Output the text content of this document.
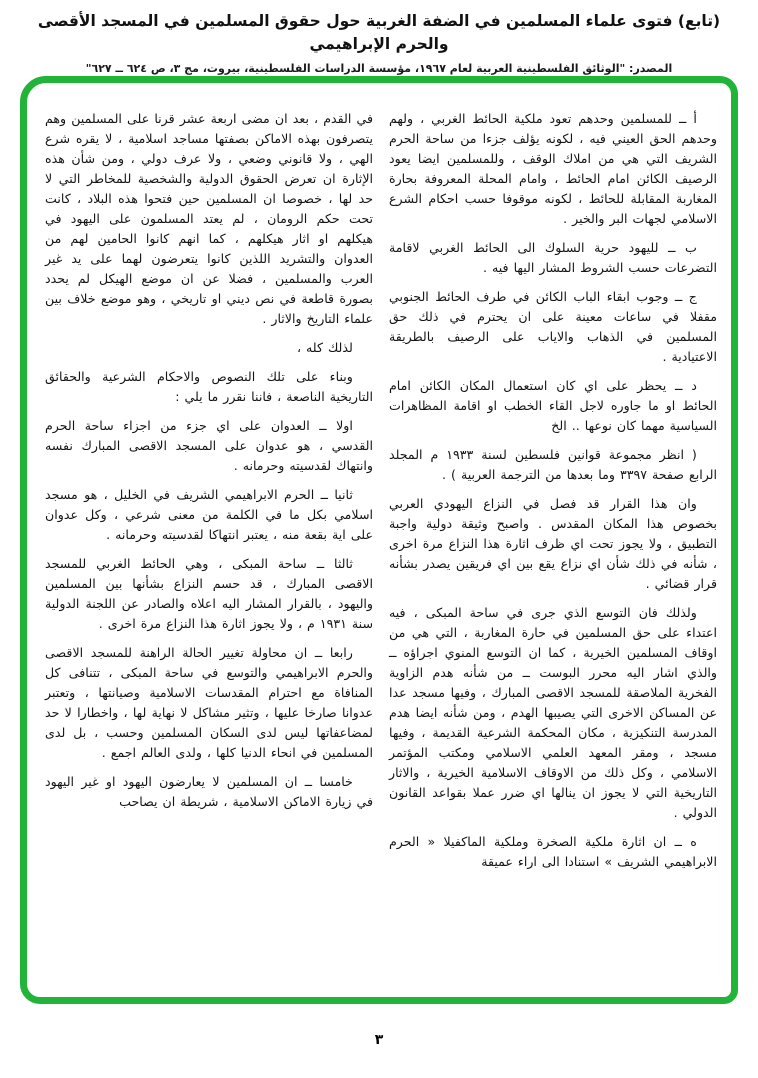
(تابع) فتوى علماء المسلمين في الضفة الغربية حول حقوق المسلمين في المسجد الأقصى والحرم الإبراهيمي
المصدر: "الوثائق الفلسطينية العربية لعام ١٩٦٧، مؤسسة الدراسات الفلسطينية، بيروت، مج ٣، ص ٦٢٤ ــ ٦٢٧"

أ ــ للمسلمين وحدهم تعود ملكية الحائط الغربي ، ولهم وحدهم الحق العيني فيه ، لكونه يؤلف جزءا من ساحة الحرم الشريف التي هي من املاك الوقف ، وللمسلمين ايضا يعود الرصيف الكائن امام الحائط ، وامام المحلة المعروفة بحارة المغاربة المقابلة للحائط ، لكونه موقوفا حسب احكام الشرع الاسلامي لجهات البر والخير .

ب ــ لليهود حرية السلوك الى الحائط الغربي لاقامة التضرعات حسب الشروط المشار اليها فيه .

ج ــ وجوب ابقاء الباب الكائن في طرف الحائط الجنوبي مقفلا في ساعات معينة على ان يحترم في ذلك حق المسلمين في الذهاب والاياب على الرصيف بالطريقة الاعتيادية .

د ــ يحظر على اي كان استعمال المكان الكائن امام الحائط او ما جاوره لاجل القاء الخطب او اقامة المظاهرات السياسية مهما كان نوعها .. الخ

( انظر مجموعة قوانين فلسطين لسنة ١٩٣٣ م المجلد الرابع صفحة ٣٣٩٧ وما بعدها من الترجمة العربية ) .

وان هذا القرار قد فصل في النزاع اليهودي العربي بخصوص هذا المكان المقدس . واصبح وثيقة دولية واجبة التطبيق ، ولا يجوز تحت اي ظرف اثارة هذا النزاع مرة اخرى ، شأنه في ذلك شأن اي نزاع يقع بين اي فريقين يصدر بشأنه قرار قضائي .

ولذلك فان التوسع الذي جرى في ساحة المبكى ، فيه اعتداء على حق المسلمين في حارة المغاربة ، التي هي من اوقاف المسلمين الخيرية ، كما ان التوسع المنوي اجراؤه ــ والذي اشار اليه محرر البوست ــ من شأنه هدم الزاوية الفخرية الملاصقة للمسجد الاقصى المبارك ، وفيها مسجد عدا عن المساكن الاخرى التي يصيبها الهدم ، ومن شأنه ايضا هدم المدرسة التنكيزية ، مكان المحكمة الشرعية القديمة ، وفيها مسجد ، ومقر المعهد العلمي الاسلامي ومكتب المؤتمر الاسلامي ، وكل ذلك من الاوقاف الاسلامية الخيرية ، والاثار التاريخية التي لا يجوز ان ينالها اي ضرر عملا بقواعد القانون الدولي .

ه ــ ان اثارة ملكية الصخرة وملكية الماكفيلا « الحرم الابراهيمي الشريف » استنادا الى اراء عميقة

في القدم ، بعد ان مضى اربعة عشر قرنا على المسلمين وهم يتصرفون بهذه الاماكن بصفتها مساجد اسلامية ، لا يقره شرع الهي ، ولا قانوني وضعي ، ولا عرف دولي ، ومن شأن هذه الإثارة ان تعرض الحقوق الدولية والشخصية للمخاطر التي لا حد لها ، خصوصا ان المسلمين حين فتحوا هذه البلاد ، كانت تحت حكم الرومان ، لم يعتد المسلمون على اليهود في هيكلهم او اثار هيكلهم ، كما انهم كانوا الحامين لهم من العدوان والتشريد اللذين كانوا يتعرضون لهما على يد غير العرب والمسلمين ، فضلا عن ان موضع الهيكل لم يحدد بصورة قاطعة في نص ديني او تاريخي ، وهو موضع خلاف بين علماء التاريخ والاثار .

لذلك كله ،

وبناء على تلك النصوص والاحكام الشرعية والحقائق التاريخية الناصعة ، فاننا نقرر ما يلي :

اولا ــ العدوان على اي جزء من اجزاء ساحة الحرم القدسي ، هو عدوان على المسجد الاقصى المبارك نفسه وانتهاك لقدسيته وحرمانه .

ثانيا ــ الحرم الابراهيمي الشريف في الخليل ، هو مسجد اسلامي بكل ما في الكلمة من معنى شرعي ، وكل عدوان على اية بقعة منه ، يعتبر انتهاكا لقدسيته وحرمانه .

ثالثا ــ ساحة المبكى ، وهي الحائط الغربي للمسجد الاقصى المبارك ، قد حسم النزاع بشأنها بين المسلمين واليهود ، بالقرار المشار اليه اعلاه والصادر عن اللجنة الدولية سنة ١٩٣١ م ، ولا يجوز اثارة هذا النزاع مرة اخرى .

رابعا ــ ان محاولة تغيير الحالة الراهنة للمسجد الاقصى والحرم الابراهيمي والتوسع في ساحة المبكى ، تتنافى كل المنافاة مع احترام المقدسات الاسلامية وصيانتها ، وتعتبر عدوانا صارخا عليها ، وتثير مشاكل لا نهاية لها ، واخطارا لا حد لمضاعفاتها ليس لدى السكان المسلمين وحسب ، بل لدى المسلمين في انحاء الدنيا كلها ، ولدى العالم اجمع .

خامسا ــ ان المسلمين لا يعارضون اليهود او غير اليهود في زيارة الاماكن الاسلامية ، شريطة ان يصاحب

٣
